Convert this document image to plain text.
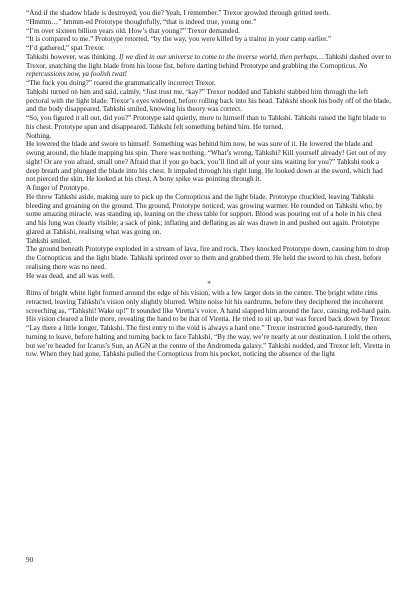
“And if the shadow blade is destroyed, you die? Yeah, I remember.” Trexor growled through gritted teeth.

“Hmmm…” hmmm-ed Prototype thoughtfully, “that is indeed true, young one.”

“I’m over sixteen billion years old. How’s that young?” Trexor demanded.

“It is compared to me.” Prototype retorted, “by the way, you were killed by a traitor in your camp earlier.”

“I’d gathered,” spat Trexor.

Tahkshi however, was thinking. If we died in our universe to come to the inverse world, then perhaps… Tahkshi dashed over to Trexor, snatching the light blade from his loose fist, before darting behind Prototype and grabbing the Cornopticus. No repercussions now, ya foolish twat!

“The fuck you doing?” roared the grammatically incorrect Trexor.

Tahkshi turned on him and said, calmly, “Just trust me, ‘kay?” Trexor nodded and Tahkshi stabbed him through the left pectoral with the light blade. Trexor’s eyes widened, before rolling back into his head. Tahkshi shook his body off of the blade, and the body disappeared. Tahkshi smiled, knowing his theory was correct.

“So, you figured it all out, did you?” Prototype said quietly, more to himself than to Tahkshi. Tahkshi raised the light blade to his chest. Prototype span and disappeared. Tahkshi felt something behind him. He turned.

Nothing.

He lowered the blade and swore to himself. Something was behind him now, he was sure of it. He lowered the blade and swung around, the blade mapping his spin. There was nothing. “What’s wrong, Tahkshi? Kill yourself already! Get out of my sight! Or are you afraid, small one? Afraid that if you go back, you’ll find all of your sins waiting for you?” Tahkshi took a deep breath and plunged the blade into his chest. It impaled through his right lung. He looked down at the sword, which had not pierced the skin. He looked at his chest. A bony spike was pointing through it.

A finger of Prototype.

He threw Tahkshi aside, making sure to pick up the Cornopticus and the light blade. Prototype chuckled, leaving Tahkshi bleeding and groaning on the ground. The ground, Prototype noticed, was growing warmer. He rounded on Tahkshi who, by some amazing miracle, was standing up, leaning on the chess table for support. Blood was pouring out of a hole in his chest and his lung was clearly visible; a sack of pink; inflating and deflating as air was drawn in and pushed out again. Prototype glared at Tahkshi, realising what was going on.

Tahkshi smiled.

The ground beneath Prototype exploded in a stream of lava, fire and rock. They knocked Prototype down, causing him to drop the Cornopticus and the light blade. Tahkshi sprinted over to them and grabbed them. He held the sword to his chest, before realising there was no need.

He was dead, and all was well.

*

Rims of bright white light formed around the edge of his vision, with a few larger dots in the centre. The bright white rims retracted, leaving Tahkshi’s vision only slightly blurred. White noise hit his eardrums, before they deciphered the incoherent screeching as, “Tahkshi! Wake up!” It sounded like Viretta’s voice. A hand slapped him around the face, causing red-hard pain. His vision cleared a little more, revealing the hand to be that of Viretta. He tried to sit up, but was forced back down by Trexor.

“Lay there a little longer, Tahkshi. The first entry to the void is always a hard one.” Trexor instructed good-naturedly, then turning to leave, before halting and turning back to face Tahkshi, “By the way, we’re nearly at our destination. I told the others, but we’re headed for Icarus’s Sun, an AGN at the centre of the Andromeda galaxy.” Tahkshi nodded, and Trexor left, Viretta in tow. When they had gone, Tahkshi pulled the Cornopticus from his pocket, noticing the absence of the light

90
